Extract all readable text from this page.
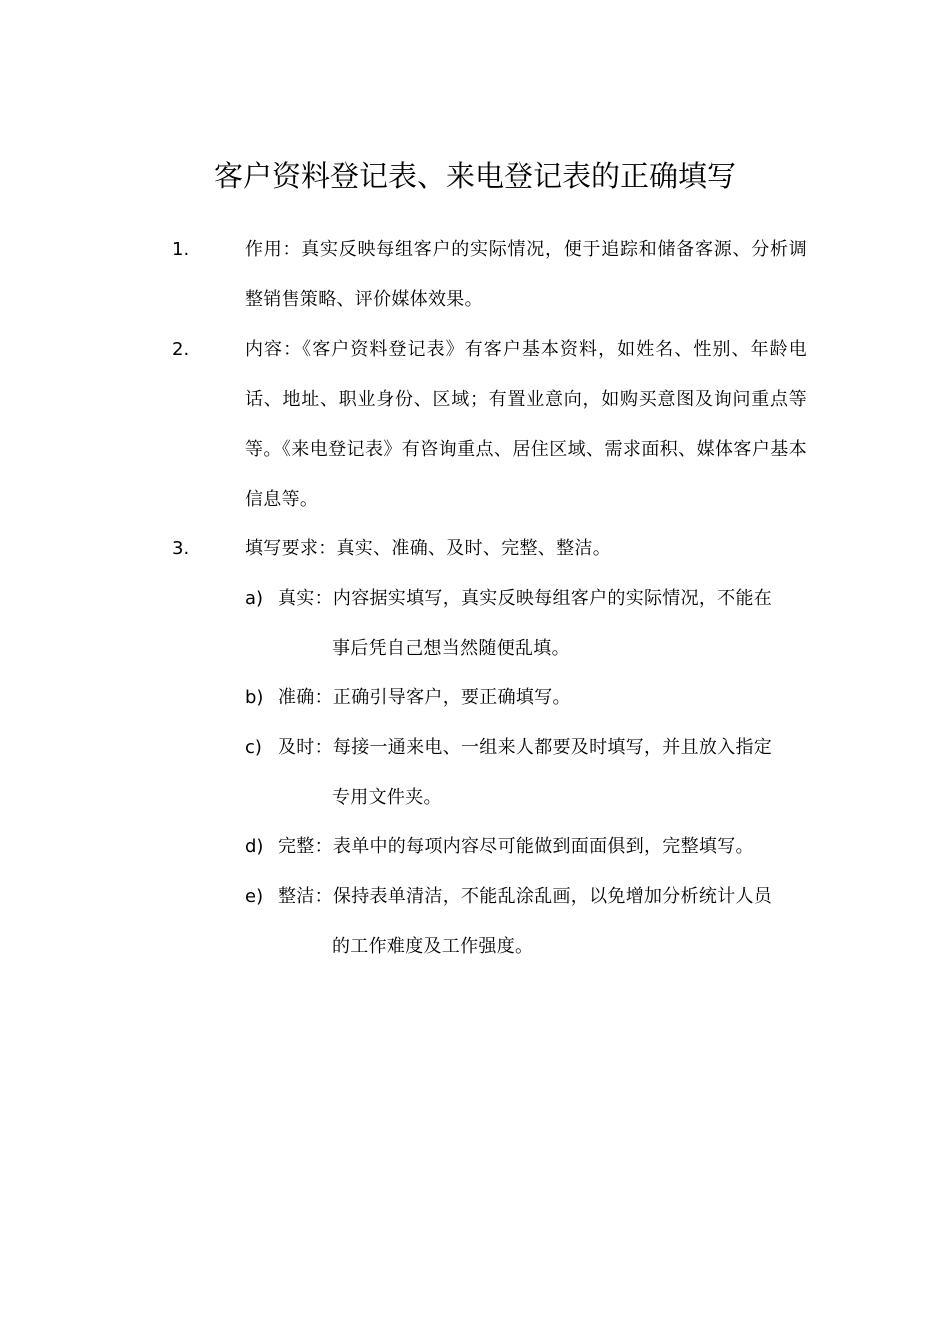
客户资料登记表、来电登记表的正确填写
1.	作用：真实反映每组客户的实际情况，便于追踪和储备客源、分析调整销售策略、评价媒体效果。
2.	内容：《客户资料登记表》有客户基本资料，如姓名、性别、年龄电话、地址、职业身份、区域；有置业意向，如购买意图及询问重点等等。《来电登记表》有咨询重点、居住区域、需求面积、媒体客户基本信息等。
3.	填写要求：真实、准确、及时、完整、整洁。
a) 真实：内容据实填写，真实反映每组客户的实际情况，不能在
事后凭自己想当然随便乱填。
b) 准确：正确引导客户，要正确填写。
c) 及时：每接一通来电、一组来人都要及时填写，并且放入指定
专用文件夹。
d) 完整：表单中的每项内容尽可能做到面面俱到，完整填写。
e) 整洁：保持表单清洁，不能乱涂乱画，以免增加分析统计人员
的工作难度及工作强度。
